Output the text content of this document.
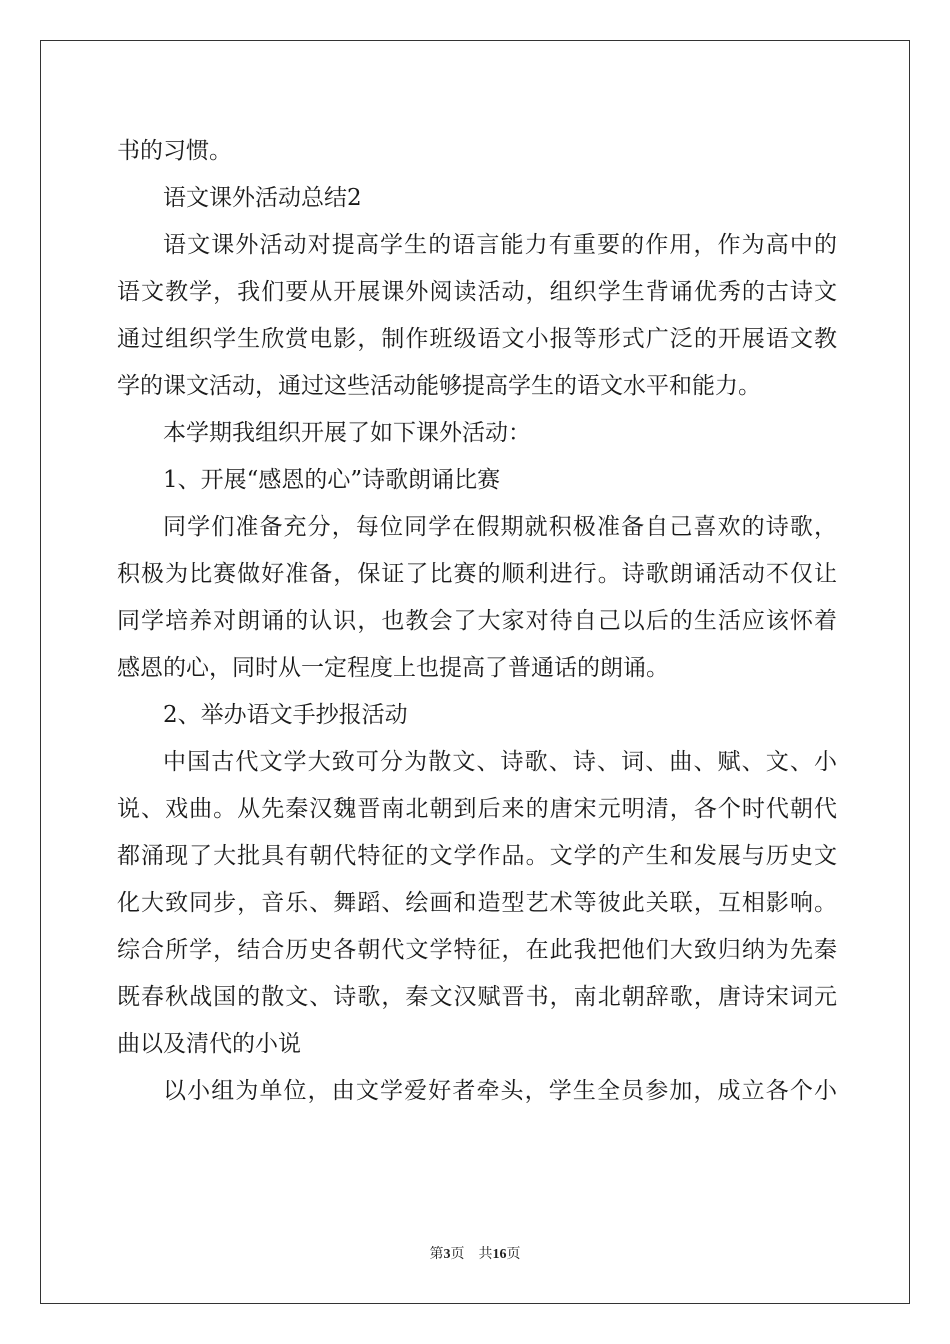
书的习惯。
语文课外活动总结2
语文课外活动对提高学生的语言能力有重要的作用，作为高中的
语文教学，我们要从开展课外阅读活动，组织学生背诵优秀的古诗文
通过组织学生欣赏电影，制作班级语文小报等形式广泛的开展语文教
学的课文活动，通过这些活动能够提高学生的语文水平和能力。
本学期我组织开展了如下课外活动：
1、开展“感恩的心”诗歌朗诵比赛
同学们准备充分，每位同学在假期就积极准备自己喜欢的诗歌，
积极为比赛做好准备，保证了比赛的顺利进行。诗歌朗诵活动不仅让
同学培养对朗诵的认识，也教会了大家对待自己以后的生活应该怀着
感恩的心，同时从一定程度上也提高了普通话的朗诵。
2、举办语文手抄报活动
中国古代文学大致可分为散文、诗歌、诗、词、曲、赋、文、小
说、戏曲。从先秦汉魏晋南北朝到后来的唐宋元明清，各个时代朝代
都涌现了大批具有朝代特征的文学作品。文学的产生和发展与历史文
化大致同步，音乐、舞蹈、绘画和造型艺术等彼此关联，互相影响。
综合所学，结合历史各朝代文学特征，在此我把他们大致归纳为先秦
既春秋战国的散文、诗歌，秦文汉赋晋书，南北朝辞歌，唐诗宋词元
曲以及清代的小说
以小组为单位，由文学爱好者牵头，学生全员参加，成立各个小
第3页 共16页
